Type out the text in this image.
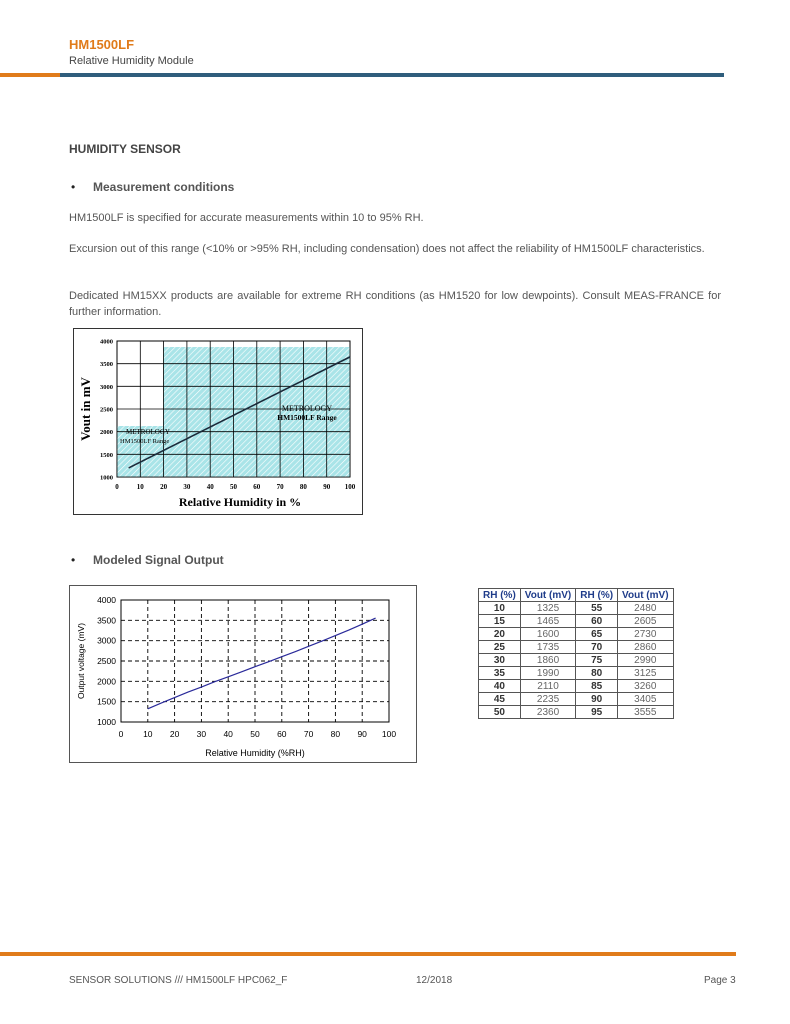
HM1500LF
Relative Humidity Module
HUMIDITY SENSOR
• Measurement conditions
HM1500LF is specified for accurate measurements within 10 to 95% RH.
Excursion out of this range (<10% or >95% RH, including condensation) does not affect the reliability of HM1500LF characteristics.
Dedicated HM15XX products are available for extreme RH conditions (as HM1520 for low dewpoints). Consult MEAS-FRANCE for further information.
0	10 20 30 40 50 60 70 80 90 100
1000
1500
2000
2500
3000
3500
4000
METROLOGY
HM1500LF Range
METROLOGY
HM1500LF Range
Relative Humidity in %
Vout in mV
• Modeled Signal Output
0 10 20 30 40 50 60 70 80 90 100
1000
1500
2000
2500
3000
3500
4000
Relative Humidity (%RH)
Output voltage (mV)
RH (%)	Vout (mV)	RH (%)	Vout (mV)
10	1325	55	2480
15	1465	60	2605
20	1600	65	2730
25	1735	70	2860
30	1860	75	2990
35	1990	80	3125
40	2110	85	3260
45	2235	90	3405
50	2360	95	3555
SENSOR SOLUTIONS /// HM1500LF HPC062_F	12/2018	Page 3
